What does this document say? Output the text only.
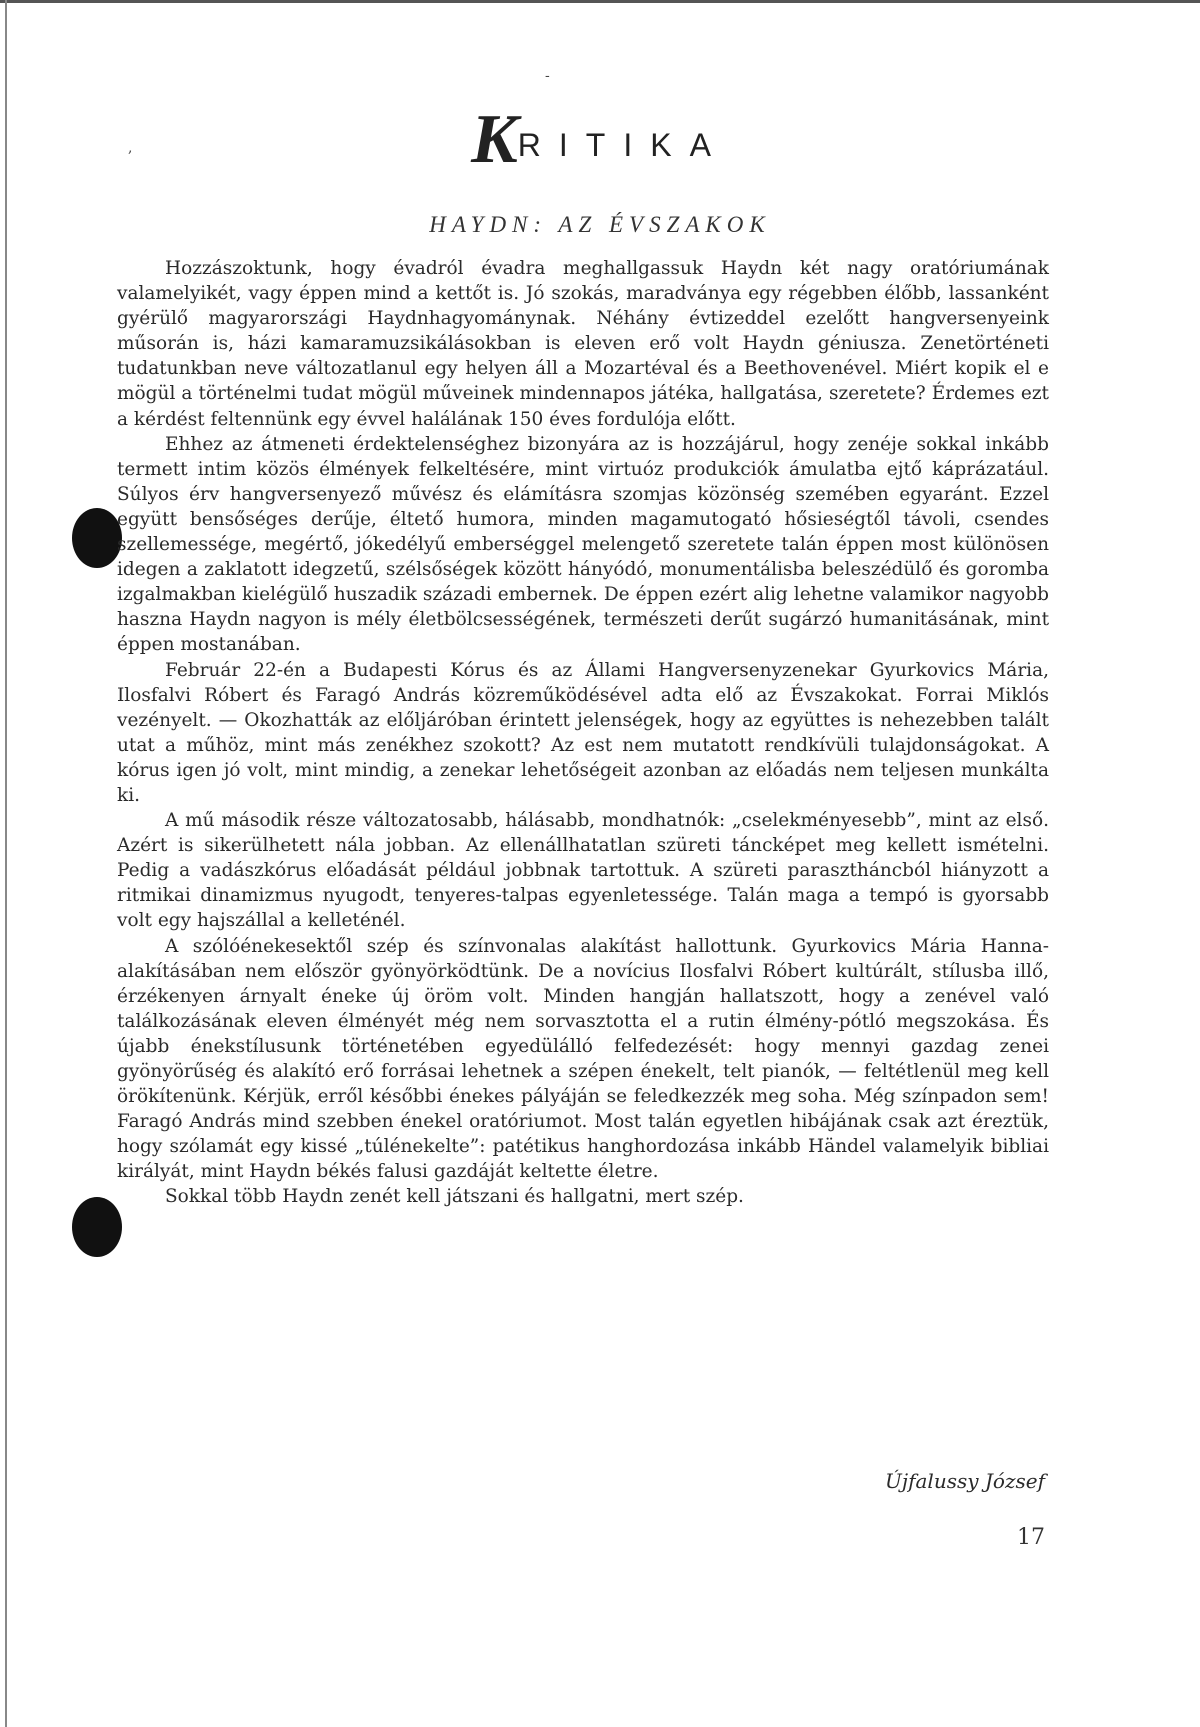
-
,	KRITIKA
HAYDN: AZ ÉVSZAKOK

Hozzászoktunk, hogy évadról évadra meghallgassuk Haydn két nagy oratóriumának valamelyikét, vagy éppen mind a kettőt is. Jó szokás, maradványa egy régebben élőbb, lassanként gyérülő magyarországi Haydnhagyománynak. Néhány évtizeddel ezelőtt hangversenyeink műsorán is, házi kamaramuzsikálásokban is eleven erő volt Haydn géniusza. Zenetörténeti tudatunkban neve változatlanul egy helyen áll a Mozartéval és a Beethovenével. Miért kopik el e mögül a történelmi tudat mögül műveinek mindennapos játéka, hallgatása, szeretete? Érdemes ezt a kérdést feltennünk egy évvel halálának 150 éves fordulója előtt.

Ehhez az átmeneti érdektelenséghez bizonyára az is hozzájárul, hogy zenéje sokkal inkább termett intim közös élmények felkeltésére, mint virtuóz produkciók ámulatba ejtő káprázatául. Súlyos érv hangversenyező művész és elámításra szomjas közönség szemében egyaránt. Ezzel együtt bensőséges derűje, éltető humora, minden magamutogató hősieségtől távoli, csendes szellemessége, megértő, jókedélyű emberséggel melengető szeretete talán éppen most különösen idegen a zaklatott idegzetű, szélsőségek között hányódó, monumentálisba beleszédülő és goromba izgalmakban kielégülő huszadik századi embernek. De éppen ezért alig lehetne valamikor nagyobb haszna Haydn nagyon is mély életbölcsességének, természeti derűt sugárzó humanitásának, mint éppen mostanában.

Február 22-én a Budapesti Kórus és az Állami Hangversenyzenekar Gyurkovics Mária, Ilosfalvi Róbert és Faragó András közreműködésével adta elő az Évszakokat. Forrai Miklós vezényelt. — Okozhatták az előljáróban érintett jelenségek, hogy az együttes is nehezebben talált utat a műhöz, mint más zenékhez szokott? Az est nem mutatott rendkívüli tulajdonságokat. A kórus igen jó volt, mint mindig, a zenekar lehetőségeit azonban az előadás nem teljesen munkálta ki.

A mű második része változatosabb, hálásabb, mondhatnók: „cselekményesebb”, mint az első. Azért is sikerülhetett nála jobban. Az ellenállhatatlan szüreti táncképet meg kellett ismételni. Pedig a vadászkórus előadását például jobbnak tartottuk. A szüreti parasztháncból hiányzott a ritmikai dinamizmus nyugodt, tenyeres-talpas egyenletessége. Talán maga a tempó is gyorsabb volt egy hajszállal a kelleténél.

A szólóénekesektől szép és színvonalas alakítást hallottunk. Gyurkovics Mária Hanna-alakításában nem először gyönyörködtünk. De a novícius Ilosfalvi Róbert kultúrált, stílusba illő, érzékenyen árnyalt éneke új öröm volt. Minden hangján hallatszott, hogy a zenével való találkozásának eleven élményét még nem sorvasztotta el a rutin élmény-pótló megszokása. És újabb énekstílusunk történetében egyedülálló felfedezését: hogy mennyi gazdag zenei gyönyörűség és alakító erő forrásai lehetnek a szépen énekelt, telt pianók, — feltétlenül meg kell örökítenünk. Kérjük, erről későbbi énekes pályáján se feledkezzék meg soha. Még színpadon sem! Faragó András mind szebben énekel oratóriumot. Most talán egyetlen hibájának csak azt éreztük, hogy szólamát egy kissé „túlénekelte”: patétikus hanghordozása inkább Händel valamelyik bibliai királyát, mint Haydn békés falusi gazdáját keltette életre.

Sokkal több Haydn zenét kell játszani és hallgatni, mert szép.

Újfalussy József
17
